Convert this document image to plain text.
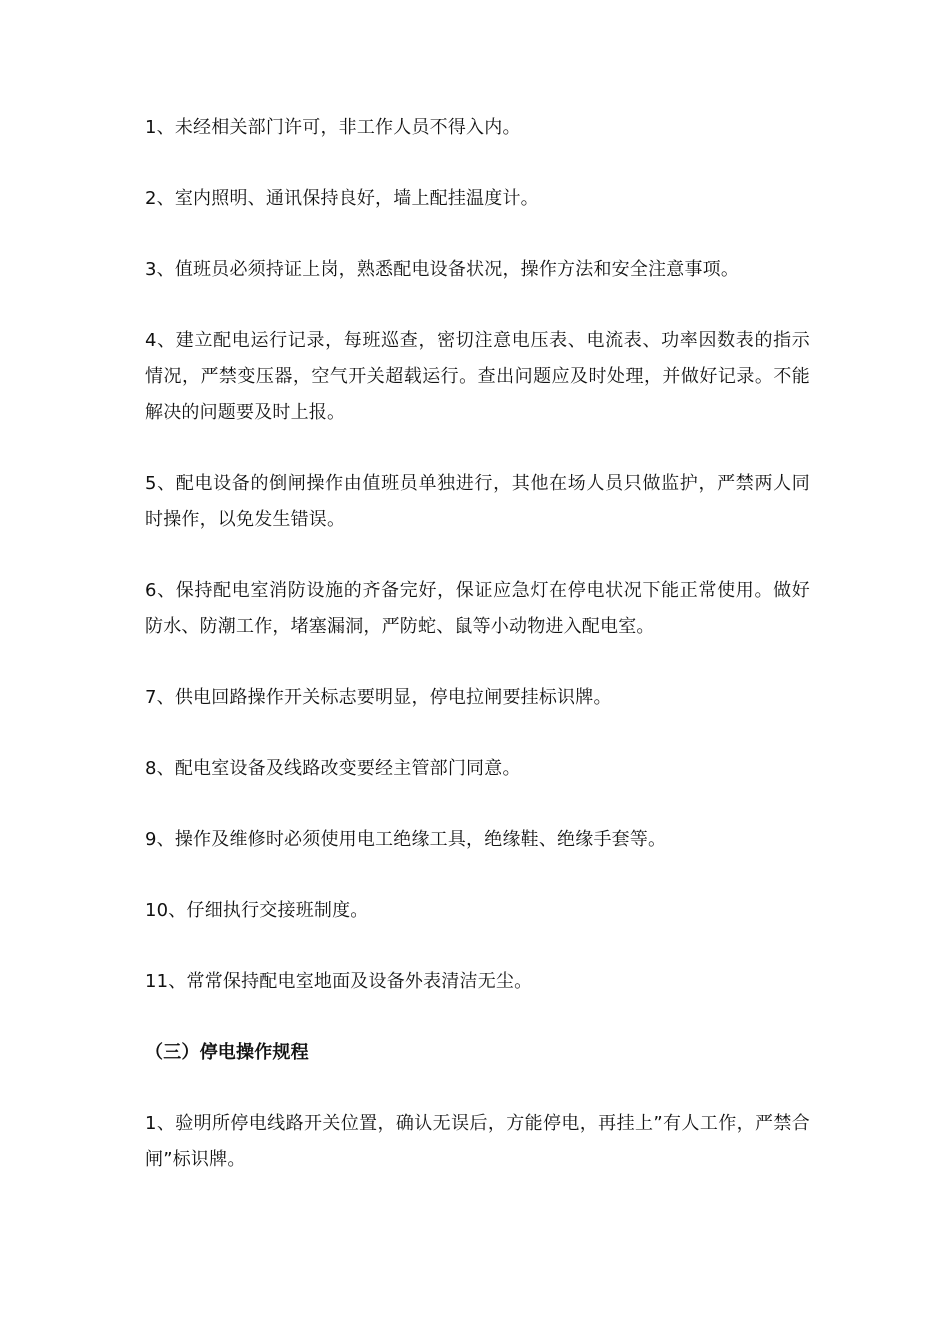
1、未经相关部门许可，非工作人员不得入内。

2、室内照明、通讯保持良好，墙上配挂温度计。

3、值班员必须持证上岗，熟悉配电设备状况，操作方法和安全注意事项。

4、建立配电运行记录，每班巡查，密切注意电压表、电流表、功率因数表的指示情况，严禁变压器，空气开关超载运行。查出问题应及时处理，并做好记录。不能解决的问题要及时上报。

5、配电设备的倒闸操作由值班员单独进行，其他在场人员只做监护，严禁两人同时操作，以免发生错误。

6、保持配电室消防设施的齐备完好，保证应急灯在停电状况下能正常使用。做好防水、防潮工作，堵塞漏洞，严防蛇、鼠等小动物进入配电室。

7、供电回路操作开关标志要明显，停电拉闸要挂标识牌。

8、配电室设备及线路改变要经主管部门同意。

9、操作及维修时必须使用电工绝缘工具，绝缘鞋、绝缘手套等。

10、仔细执行交接班制度。

11、常常保持配电室地面及设备外表清洁无尘。

（三）停电操作规程

1、验明所停电线路开关位置，确认无误后，方能停电，再挂上”有人工作，严禁合闸”标识牌。
